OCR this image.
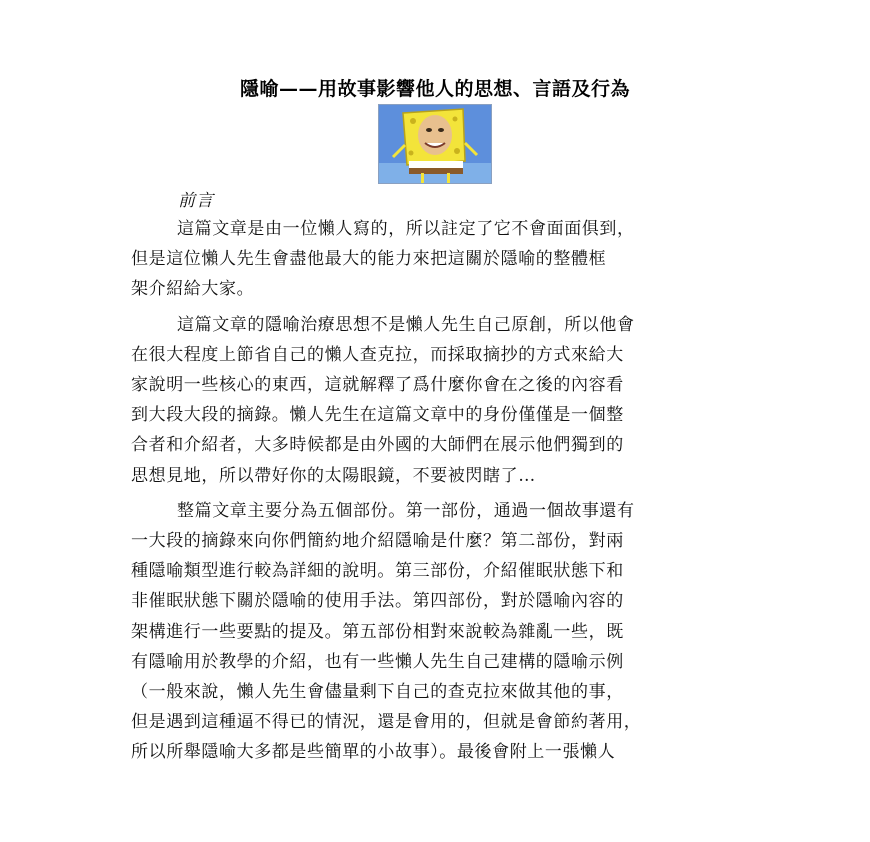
隱喻——用故事影響他人的思想、言語及行為
前言

這篇文章是由一位懶人寫的，所以註定了它不會面面俱到，
但是這位懶人先生會盡他最大的能力來把這關於隱喻的整體框
架介紹給大家。

這篇文章的隱喻治療思想不是懶人先生自己原創，所以他會
在很大程度上節省自己的懶人查克拉，而採取摘抄的方式來給大
家說明一些核心的東西，這就解釋了爲什麼你會在之後的內容看
到大段大段的摘錄。懶人先生在這篇文章中的身份僅僅是一個整
合者和介紹者，大多時候都是由外國的大師們在展示他們獨到的
思想見地，所以帶好你的太陽眼鏡，不要被閃瞎了…

整篇文章主要分為五個部份。第一部份，通過一個故事還有
一大段的摘錄來向你們簡約地介紹隱喻是什麼？第二部份，對兩
種隱喻類型進行較為詳細的說明。第三部份，介紹催眠狀態下和
非催眠狀態下關於隱喻的使用手法。第四部份，對於隱喻內容的
架構進行一些要點的提及。第五部份相對來說較為雜亂一些，既
有隱喻用於教學的介紹，也有一些懶人先生自己建構的隱喻示例
（一般來說，懶人先生會儘量剩下自己的查克拉來做其他的事，
但是遇到這種逼不得已的情況，還是會用的，但就是會節約著用，
所以所舉隱喻大多都是些簡單的小故事）。最後會附上一張懶人
